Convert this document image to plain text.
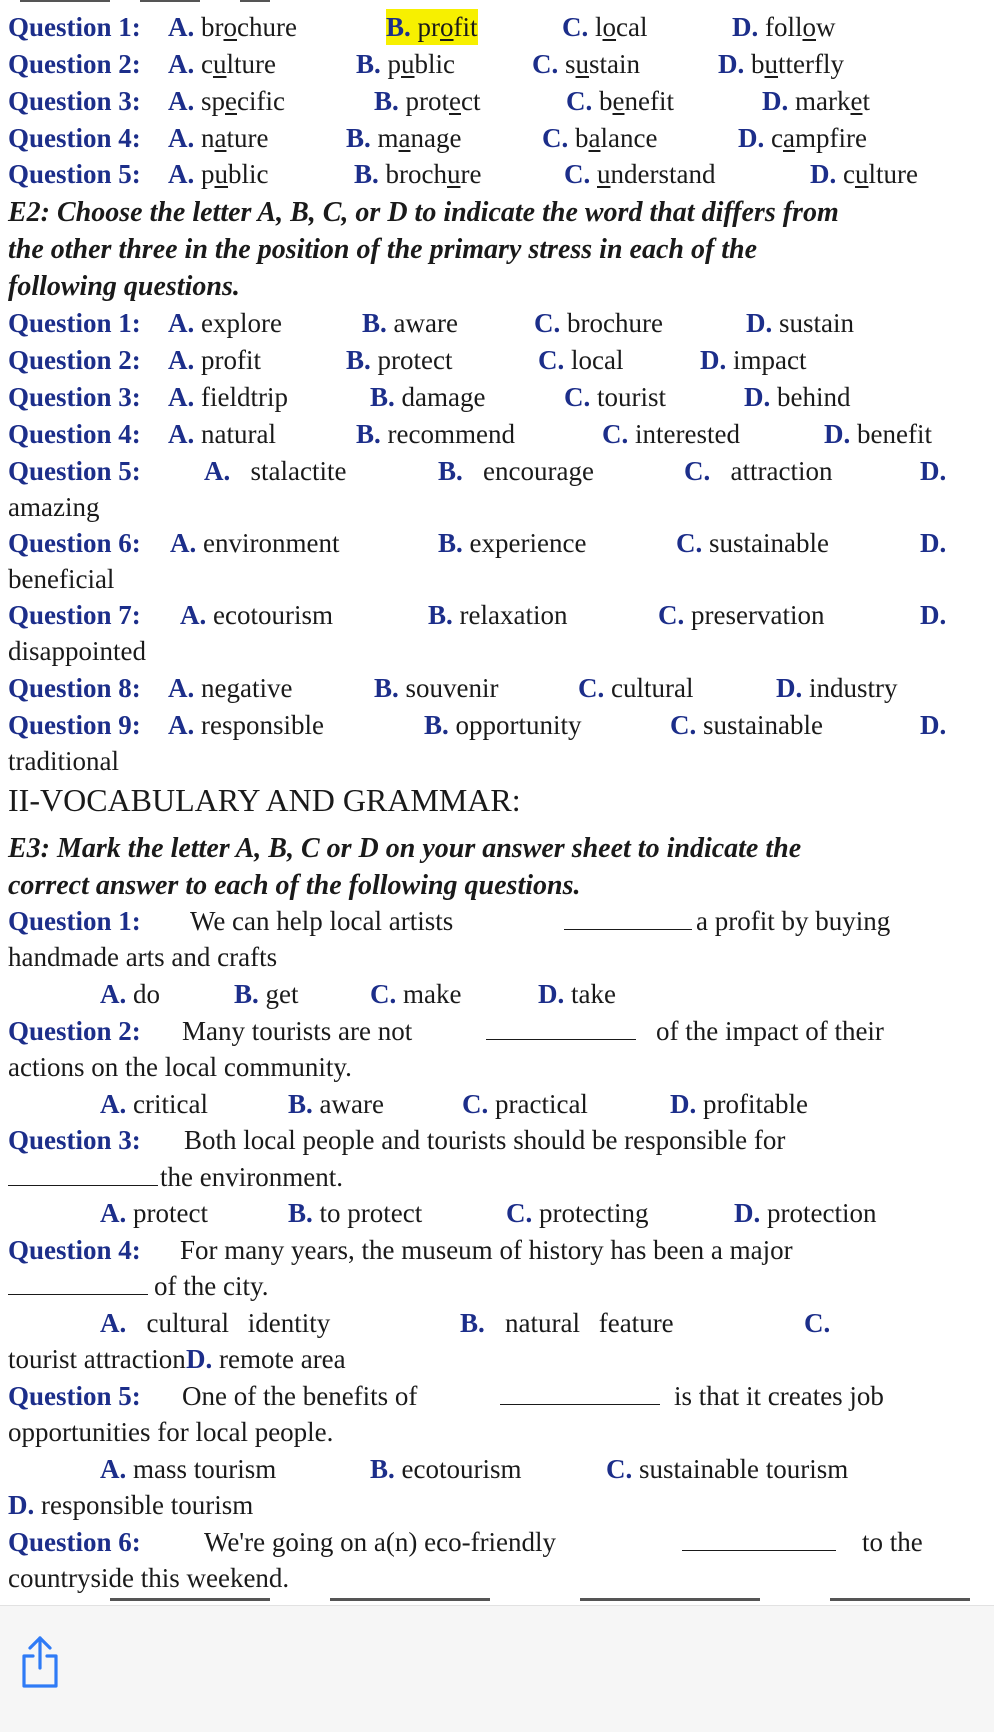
Question 1: A. brochure	B. profit	C. local	D. follow
Question 2: A. culture	B. public	C. sustain	D. butterfly
Question 3: A. specific	B. protect	C. benefit	D. market
Question 4: A. nature	B. manage	C. balance	D. campfire
Question 5: A. public	B. brochure	C. understand	D. culture
E2: Choose the letter A, B, C, or D to indicate the word that differs from
the other three in the position of the primary stress in each of the
following questions.
Question 1: A. explore	B. aware	C. brochure	D. sustain
Question 2: A. profit	B. protect	C. local	D. impact
Question 3: A. fieldtrip	B. damage	C. tourist	D. behind
Question 4: A. natural	B. recommend	C. interested	D. benefit
Question 5: A. stalactite	B. encourage	C. attraction	D.
amazing
Question 6: A. environment	B. experience	C. sustainable	D.
beneficial
Question 7: A. ecotourism	B. relaxation	C. preservation	D.
disappointed
Question 8: A. negative	B. souvenir	C. cultural	D. industry
Question 9: A. responsible	B. opportunity	C. sustainable	D.
traditional
II-VOCABULARY AND GRAMMAR:
E3: Mark the letter A, B, C or D on your answer sheet to indicate the
correct answer to each of the following questions.
Question 1: We can help local artists	a profit by buying
handmade arts and crafts
A. do	B. get	C. make	D. take
Question 2: Many tourists are not	of the impact of their
actions on the local community.
A. critical	B. aware	C. practical	D. profitable
Question 3: Both local people and tourists should be responsible for
the environment.
A. protect	B. to protect	C. protecting	D. protection
Question 4: For many years, the museum of history has been a major
of the city.
A. cultural identity	B. natural feature	C.
tourist attraction D. remote area
Question 5: One of the benefits of	is that it creates job
opportunities for local people.
A. mass tourism	B. ecotourism	C. sustainable tourism
D. responsible tourism
Question 6: We're going on a(n) eco-friendly	to the
countryside this weekend.
